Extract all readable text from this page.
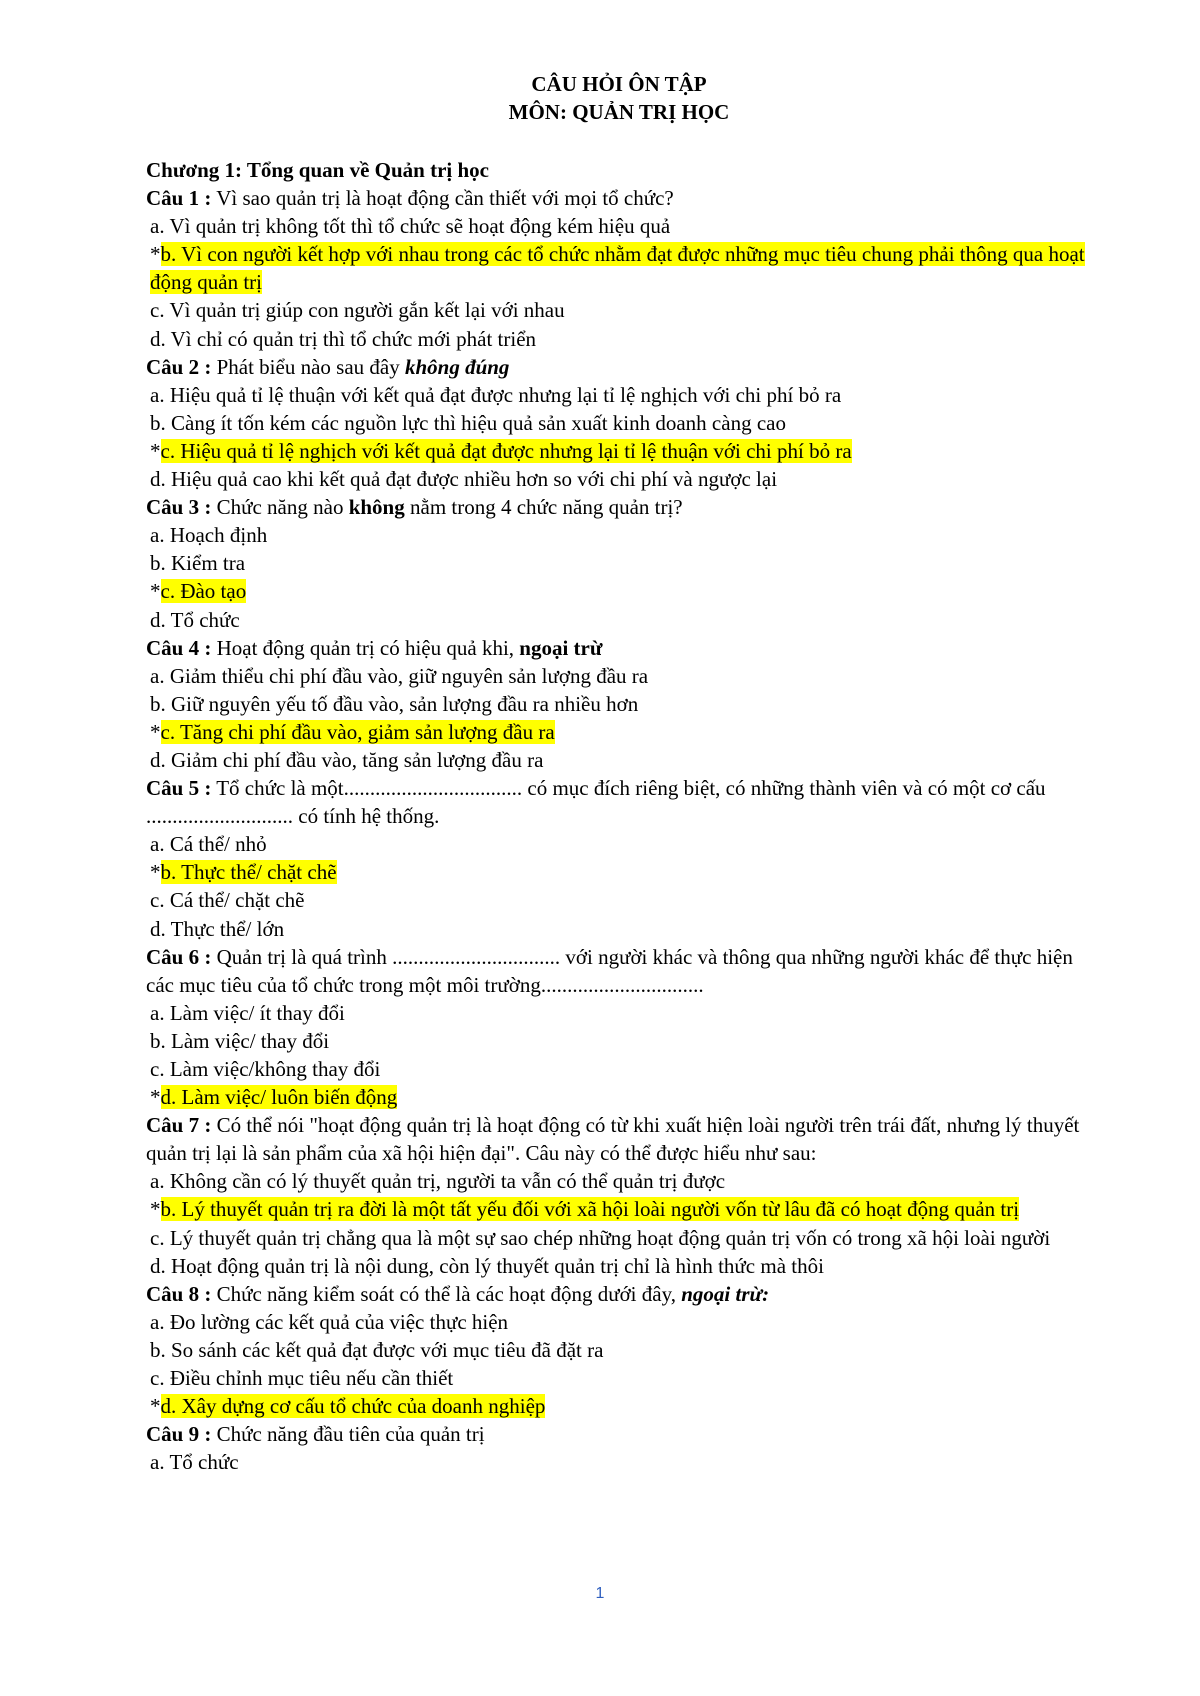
CÂU HỎI ÔN TẬP
MÔN: QUẢN TRỊ HỌC
Chương 1: Tổng quan về Quản trị học
Câu 1 : Vì sao quản trị là hoạt động cần thiết với mọi tổ chức?
a. Vì quản trị không tốt thì tổ chức sẽ hoạt động kém hiệu quả
*b. Vì con người kết hợp với nhau trong các tổ chức nhằm đạt được những mục tiêu chung phải thông qua hoạt động quản trị
c. Vì quản trị giúp con người gắn kết lại với nhau
d. Vì chỉ có quản trị thì tổ chức mới phát triển
Câu 2 : Phát biểu nào sau đây không đúng
a. Hiệu quả tỉ lệ thuận với kết quả đạt được nhưng lại tỉ lệ nghịch với chi phí bỏ ra
b. Càng ít tốn kém các nguồn lực thì hiệu quả sản xuất kinh doanh càng cao
*c. Hiệu quả tỉ lệ nghịch với kết quả đạt được nhưng lại tỉ lệ thuận với chi phí bỏ ra
d. Hiệu quả cao khi kết quả đạt được nhiều hơn so với chi phí và ngược lại
Câu 3 : Chức năng nào không nằm trong 4 chức năng quản trị?
a. Hoạch định
b. Kiểm tra
*c. Đào tạo
d. Tổ chức
Câu 4 : Hoạt động quản trị có hiệu quả khi, ngoại trừ
a. Giảm thiểu chi phí đầu vào, giữ nguyên sản lượng đầu ra
b. Giữ nguyên yếu tố đầu vào, sản lượng đầu ra nhiều hơn
*c. Tăng chi phí đầu vào, giảm sản lượng đầu ra
d. Giảm chi phí đầu vào, tăng sản lượng đầu ra
Câu 5 : Tổ chức là một.................................. có mục đích riêng biệt, có những thành viên và có một cơ cấu ............................ có tính hệ thống.
a. Cá thể/ nhỏ
*b. Thực thể/ chặt chẽ
c. Cá thể/ chặt chẽ
d. Thực thể/ lớn
Câu 6 : Quản trị là quá trình ................................ với người khác và thông qua những người khác để thực hiện các mục tiêu của tổ chức trong một môi trường...............................
a. Làm việc/ ít thay đổi
b. Làm việc/ thay đổi
c. Làm việc/không thay đổi
*d. Làm việc/ luôn biến động
Câu 7 : Có thể nói "hoạt động quản trị là hoạt động có từ khi xuất hiện loài người trên trái đất, nhưng lý thuyết quản trị lại là sản phẩm của xã hội hiện đại". Câu này có thể được hiểu như sau:
a. Không cần có lý thuyết quản trị, người ta vẫn có thể quản trị được
*b. Lý thuyết quản trị ra đời là một tất yếu đối với xã hội loài người vốn từ lâu đã có hoạt động quản trị
c. Lý thuyết quản trị chẳng qua là một sự sao chép những hoạt động quản trị vốn có trong xã hội loài người
d. Hoạt động quản trị là nội dung, còn lý thuyết quản trị chỉ là hình thức mà thôi
Câu 8 : Chức năng kiểm soát có thể là các hoạt động dưới đây, ngoại trừ:
a. Đo lường các kết quả của việc thực hiện
b. So sánh các kết quả đạt được với mục tiêu đã đặt ra
c. Điều chỉnh mục tiêu nếu cần thiết
*d. Xây dựng cơ cấu tổ chức của doanh nghiệp
Câu 9 : Chức năng đầu tiên của quản trị
a. Tổ chức
1
